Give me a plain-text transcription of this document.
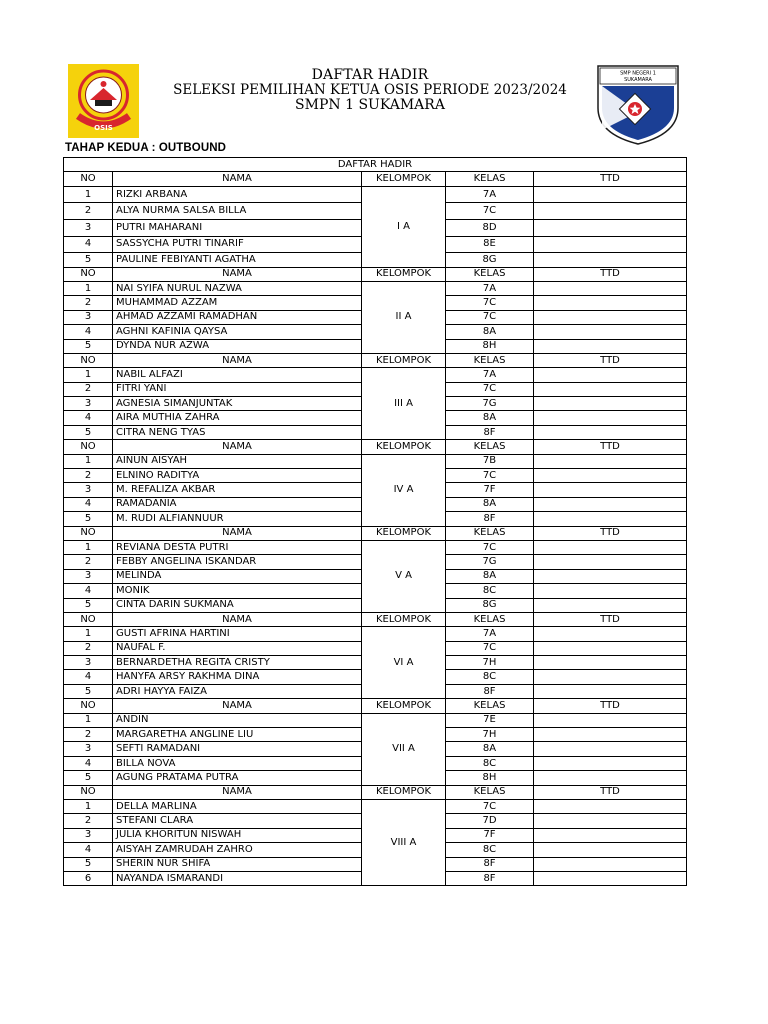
OSIS
DAFTAR HADIR
SELEKSI PEMILIHAN KETUA OSIS PERIODE 2023/2024
SMPN 1 SUKAMARA
SMP NEGERI 1
SUKAMARA
TAHAP KEDUA : OUTBOUND
DAFTAR HADIR				
NO	NAMA	KELOMPOK	KELAS	TTD
1	RIZKI ARBANA	I A	7A	
2	ALYA NURMA SALSA BILLA		7C	
3	PUTRI MAHARANI		8D	
4	SASSYCHA PUTRI TINARIF		8E	
5	PAULINE FEBIYANTI AGATHA		8G	
NO	NAMA	KELOMPOK	KELAS	TTD
1	NAI SYIFA NURUL NAZWA	II A	7A	
2	MUHAMMAD AZZAM		7C	
3	AHMAD AZZAMI RAMADHAN		7C	
4	AGHNI KAFINIA QAYSA		8A	
5	DYNDA NUR AZWA		8H	
NO	NAMA	KELOMPOK	KELAS	TTD
1	NABIL ALFAZI	III A	7A	
2	FITRI YANI		7C	
3	AGNESIA SIMANJUNTAK		7G	
4	AIRA MUTHIA ZAHRA		8A	
5	CITRA NENG TYAS		8F	
NO	NAMA	KELOMPOK	KELAS	TTD
1	AINUN AISYAH	IV A	7B	
2	ELNINO RADITYA		7C	
3	M. REFALIZA AKBAR		7F	
4	RAMADANIA		8A	
5	M. RUDI ALFIANNUUR		8F	
NO	NAMA	KELOMPOK	KELAS	TTD
1	REVIANA DESTA PUTRI	V A	7C	
2	FEBBY ANGELINA ISKANDAR		7G	
3	MELINDA		8A	
4	MONIK		8C	
5	CINTA DARIN SUKMANA		8G	
NO	NAMA	KELOMPOK	KELAS	TTD
1	GUSTI AFRINA HARTINI	VI A	7A	
2	NAUFAL F.		7C	
3	BERNARDETHA REGITA CRISTY		7H	
4	HANYFA ARSY RAKHMA DINA		8C	
5	ADRI HAYYA FAIZA		8F	
NO	NAMA	KELOMPOK	KELAS	TTD
1	ANDIN	VII A	7E	
2	MARGARETHA ANGLINE LIU		7H	
3	SEFTI RAMADANI		8A	
4	BILLA NOVA		8C	
5	AGUNG PRATAMA PUTRA		8H	
NO	NAMA	KELOMPOK	KELAS	TTD
1	DELLA MARLINA	VIII A	7C	
2	STEFANI CLARA		7D	
3	JULIA KHORITUN NISWAH		7F	
4	AISYAH ZAMRUDAH ZAHRO		8C	
5	SHERIN NUR SHIFA		8F	
6	NAYANDA ISMARANDI		8F	
